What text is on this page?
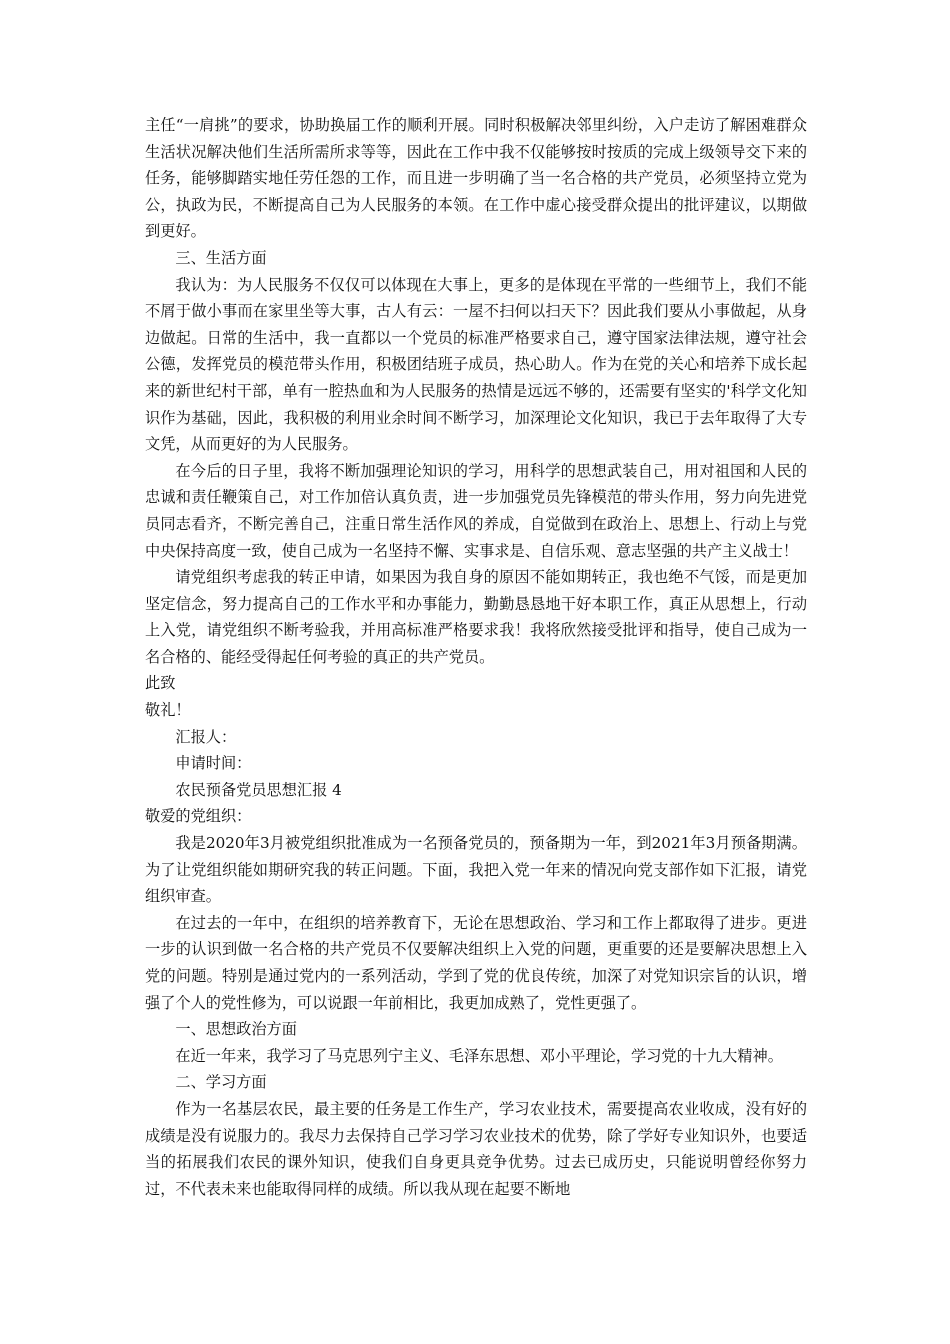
主任“一肩挑”的要求，协助换届工作的顺利开展。同时积极解决邻里纠纷，入户走访了解困难群众生活状况解决他们生活所需所求等等，因此在工作中我不仅能够按时按质的完成上级领导交下来的任务，能够脚踏实地任劳任怨的工作，而且进一步明确了当一名合格的共产党员，必须坚持立党为公，执政为民，不断提高自己为人民服务的本领。在工作中虚心接受群众提出的批评建议，以期做到更好。

三、生活方面

我认为：为人民服务不仅仅可以体现在大事上，更多的是体现在平常的一些细节上，我们不能不屑于做小事而在家里坐等大事，古人有云：一屋不扫何以扫天下？因此我们要从小事做起，从身边做起。日常的生活中，我一直都以一个党员的标准严格要求自己，遵守国家法律法规，遵守社会公德，发挥党员的模范带头作用，积极团结班子成员，热心助人。作为在党的关心和培养下成长起来的新世纪村干部，单有一腔热血和为人民服务的热情是远远不够的，还需要有坚实的'科学文化知识作为基础，因此，我积极的利用业余时间不断学习，加深理论文化知识，我已于去年取得了大专文凭，从而更好的为人民服务。

在今后的日子里，我将不断加强理论知识的学习，用科学的思想武装自己，用对祖国和人民的忠诚和责任鞭策自己，对工作加倍认真负责，进一步加强党员先锋模范的带头作用，努力向先进党员同志看齐，不断完善自己，注重日常生活作风的养成，自觉做到在政治上、思想上、行动上与党中央保持高度一致，使自己成为一名坚持不懈、实事求是、自信乐观、意志坚强的共产主义战士！

请党组织考虑我的转正申请，如果因为我自身的原因不能如期转正，我也绝不气馁，而是更加坚定信念，努力提高自己的工作水平和办事能力，勤勤恳恳地干好本职工作，真正从思想上，行动上入党，请党组织不断考验我，并用高标准严格要求我！我将欣然接受批评和指导，使自己成为一名合格的、能经受得起任何考验的真正的共产党员。

此致

敬礼！

汇报人：

申请时间：

农民预备党员思想汇报 4

敬爱的党组织：

我是2020年3月被党组织批准成为一名预备党员的，预备期为一年，到2021年3月预备期满。为了让党组织能如期研究我的转正问题。下面，我把入党一年来的情况向党支部作如下汇报，请党组织审查。

在过去的一年中，在组织的培养教育下，无论在思想政治、学习和工作上都取得了进步。更进一步的认识到做一名合格的共产党员不仅要解决组织上入党的问题，更重要的还是要解决思想上入党的问题。特别是通过党内的一系列活动，学到了党的优良传统，加深了对党知识宗旨的认识，增强了个人的党性修为，可以说跟一年前相比，我更加成熟了，党性更强了。

一、思想政治方面

在近一年来，我学习了马克思列宁主义、毛泽东思想、邓小平理论，学习党的十九大精神。

二、学习方面

作为一名基层农民，最主要的任务是工作生产，学习农业技术，需要提高农业收成，没有好的成绩是没有说服力的。我尽力去保持自己学习学习农业技术的优势，除了学好专业知识外，也要适当的拓展我们农民的课外知识，使我们自身更具竞争优势。过去已成历史，只能说明曾经你努力过，不代表未来也能取得同样的成绩。所以我从现在起要不断地
